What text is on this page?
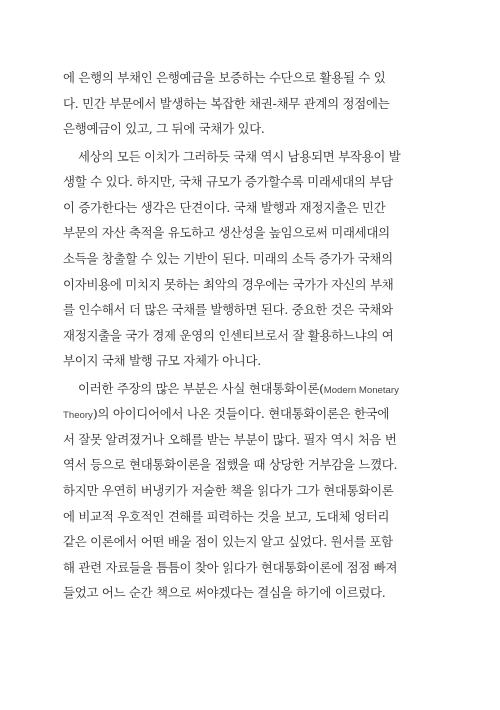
에 은행의 부채인 은행예금을 보증하는 수단으로 활용될 수 있
다. 민간 부문에서 발생하는 복잡한 채권-채무 관계의 정점에는
은행예금이 있고, 그 뒤에 국채가 있다.
세상의 모든 이치가 그러하듯 국채 역시 남용되면 부작용이 발
생할 수 있다. 하지만, 국채 규모가 증가할수록 미래세대의 부담
이 증가한다는 생각은 단견이다. 국채 발행과 재정지출은 민간
부문의 자산 축적을 유도하고 생산성을 높임으로써 미래세대의
소득을 창출할 수 있는 기반이 된다. 미래의 소득 증가가 국채의
이자비용에 미치지 못하는 최악의 경우에는 국가가 자신의 부채
를 인수해서 더 많은 국채를 발행하면 된다. 중요한 것은 국채와
재정지출을 국가 경제 운영의 인센티브로서 잘 활용하느냐의 여
부이지 국채 발행 규모 자체가 아니다.
이러한 주장의 많은 부분은 사실 현대통화이론(Modern Monetary
Theory)의 아이디어에서 나온 것들이다. 현대통화이론은 한국에
서 잘못 알려졌거나 오해를 받는 부분이 많다. 필자 역시 처음 번
역서 등으로 현대통화이론을 접했을 때 상당한 거부감을 느꼈다.
하지만 우연히 버냉키가 저술한 책을 읽다가 그가 현대통화이론
에 비교적 우호적인 견해를 피력하는 것을 보고, 도대체 엉터리
같은 이론에서 어떤 배울 점이 있는지 알고 싶었다. 원서를 포함
해 관련 자료들을 틈틈이 찾아 읽다가 현대통화이론에 점점 빠져
들었고 어느 순간 책으로 써야겠다는 결심을 하기에 이르렀다.
